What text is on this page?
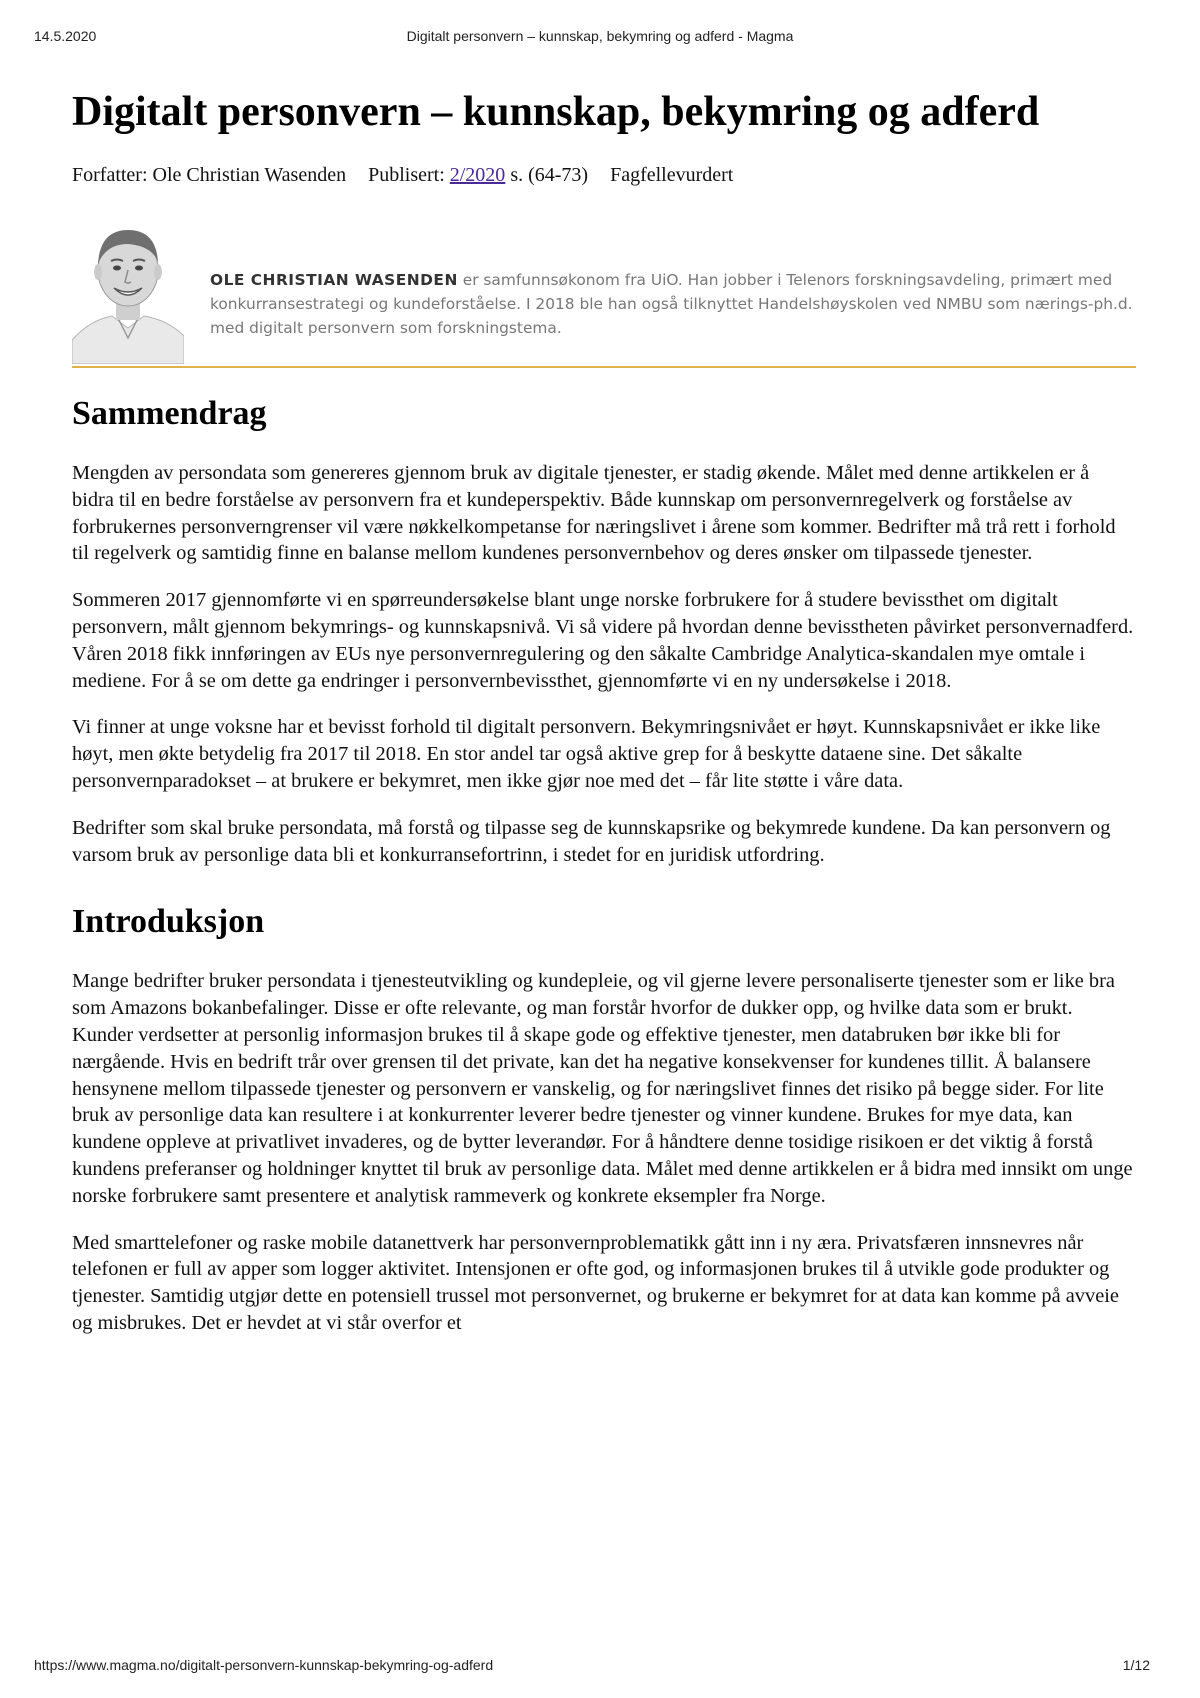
14.5.2020	Digitalt personvern – kunnskap, bekymring og adferd - Magma
Digitalt personvern – kunnskap, bekymring og adferd
Forfatter: Ole Christian Wasenden Publisert: 2/2020 s. (64-73) Fagfellevurdert
OLE CHRISTIAN WASENDEN er samfunnsøkonom fra UiO. Han jobber i Telenors forskningsavdeling, primært med konkurransestrategi og kundeforståelse. I 2018 ble han også tilknyttet Handelshøyskolen ved NMBU som nærings-ph.d. med digitalt personvern som forskningstema.
Sammendrag

Mengden av persondata som genereres gjennom bruk av digitale tjenester, er stadig økende. Målet med denne artikkelen er å bidra til en bedre forståelse av personvern fra et kundeperspektiv. Både kunnskap om personvernregelverk og forståelse av forbrukernes personverngrenser vil være nøkkelkompetanse for næringslivet i årene som kommer. Bedrifter må trå rett i forhold til regelverk og samtidig finne en balanse mellom kundenes personvernbehov og deres ønsker om tilpassede tjenester.

Sommeren 2017 gjennomførte vi en spørreundersøkelse blant unge norske forbrukere for å studere bevissthet om digitalt personvern, målt gjennom bekymrings- og kunnskapsnivå. Vi så videre på hvordan denne bevisstheten påvirket personvernadferd. Våren 2018 fikk innføringen av EUs nye personvernregulering og den såkalte Cambridge Analytica-skandalen mye omtale i mediene. For å se om dette ga endringer i personvernbevissthet, gjennomførte vi en ny undersøkelse i 2018.

Vi finner at unge voksne har et bevisst forhold til digitalt personvern. Bekymringsnivået er høyt. Kunnskapsnivået er ikke like høyt, men økte betydelig fra 2017 til 2018. En stor andel tar også aktive grep for å beskytte dataene sine. Det såkalte personvernparadokset – at brukere er bekymret, men ikke gjør noe med det – får lite støtte i våre data.

Bedrifter som skal bruke persondata, må forstå og tilpasse seg de kunnskapsrike og bekymrede kundene. Da kan personvern og varsom bruk av personlige data bli et konkurransefortrinn, i stedet for en juridisk utfordring.

Introduksjon

Mange bedrifter bruker persondata i tjenesteutvikling og kundepleie, og vil gjerne levere personaliserte tjenester som er like bra som Amazons bokanbefalinger. Disse er ofte relevante, og man forstår hvorfor de dukker opp, og hvilke data som er brukt. Kunder verdsetter at personlig informasjon brukes til å skape gode og effektive tjenester, men databruken bør ikke bli for nærgående. Hvis en bedrift trår over grensen til det private, kan det ha negative konsekvenser for kundenes tillit. Å balansere hensynene mellom tilpassede tjenester og personvern er vanskelig, og for næringslivet finnes det risiko på begge sider. For lite bruk av personlige data kan resultere i at konkurrenter leverer bedre tjenester og vinner kundene. Brukes for mye data, kan kundene oppleve at privatlivet invaderes, og de bytter leverandør. For å håndtere denne tosidige risikoen er det viktig å forstå kundens preferanser og holdninger knyttet til bruk av personlige data. Målet med denne artikkelen er å bidra med innsikt om unge norske forbrukere samt presentere et analytisk rammeverk og konkrete eksempler fra Norge.

Med smarttelefoner og raske mobile datanettverk har personvernproblematikk gått inn i ny æra. Privatsfæren innsnevres når telefonen er full av apper som logger aktivitet. Intensjonen er ofte god, og informasjonen brukes til å utvikle gode produkter og tjenester. Samtidig utgjør dette en potensiell trussel mot personvernet, og brukerne er bekymret for at data kan komme på avveie og misbrukes. Det er hevdet at vi står overfor et

https://www.magma.no/digitalt-personvern-kunnskap-bekymring-og-adferd	1/12
